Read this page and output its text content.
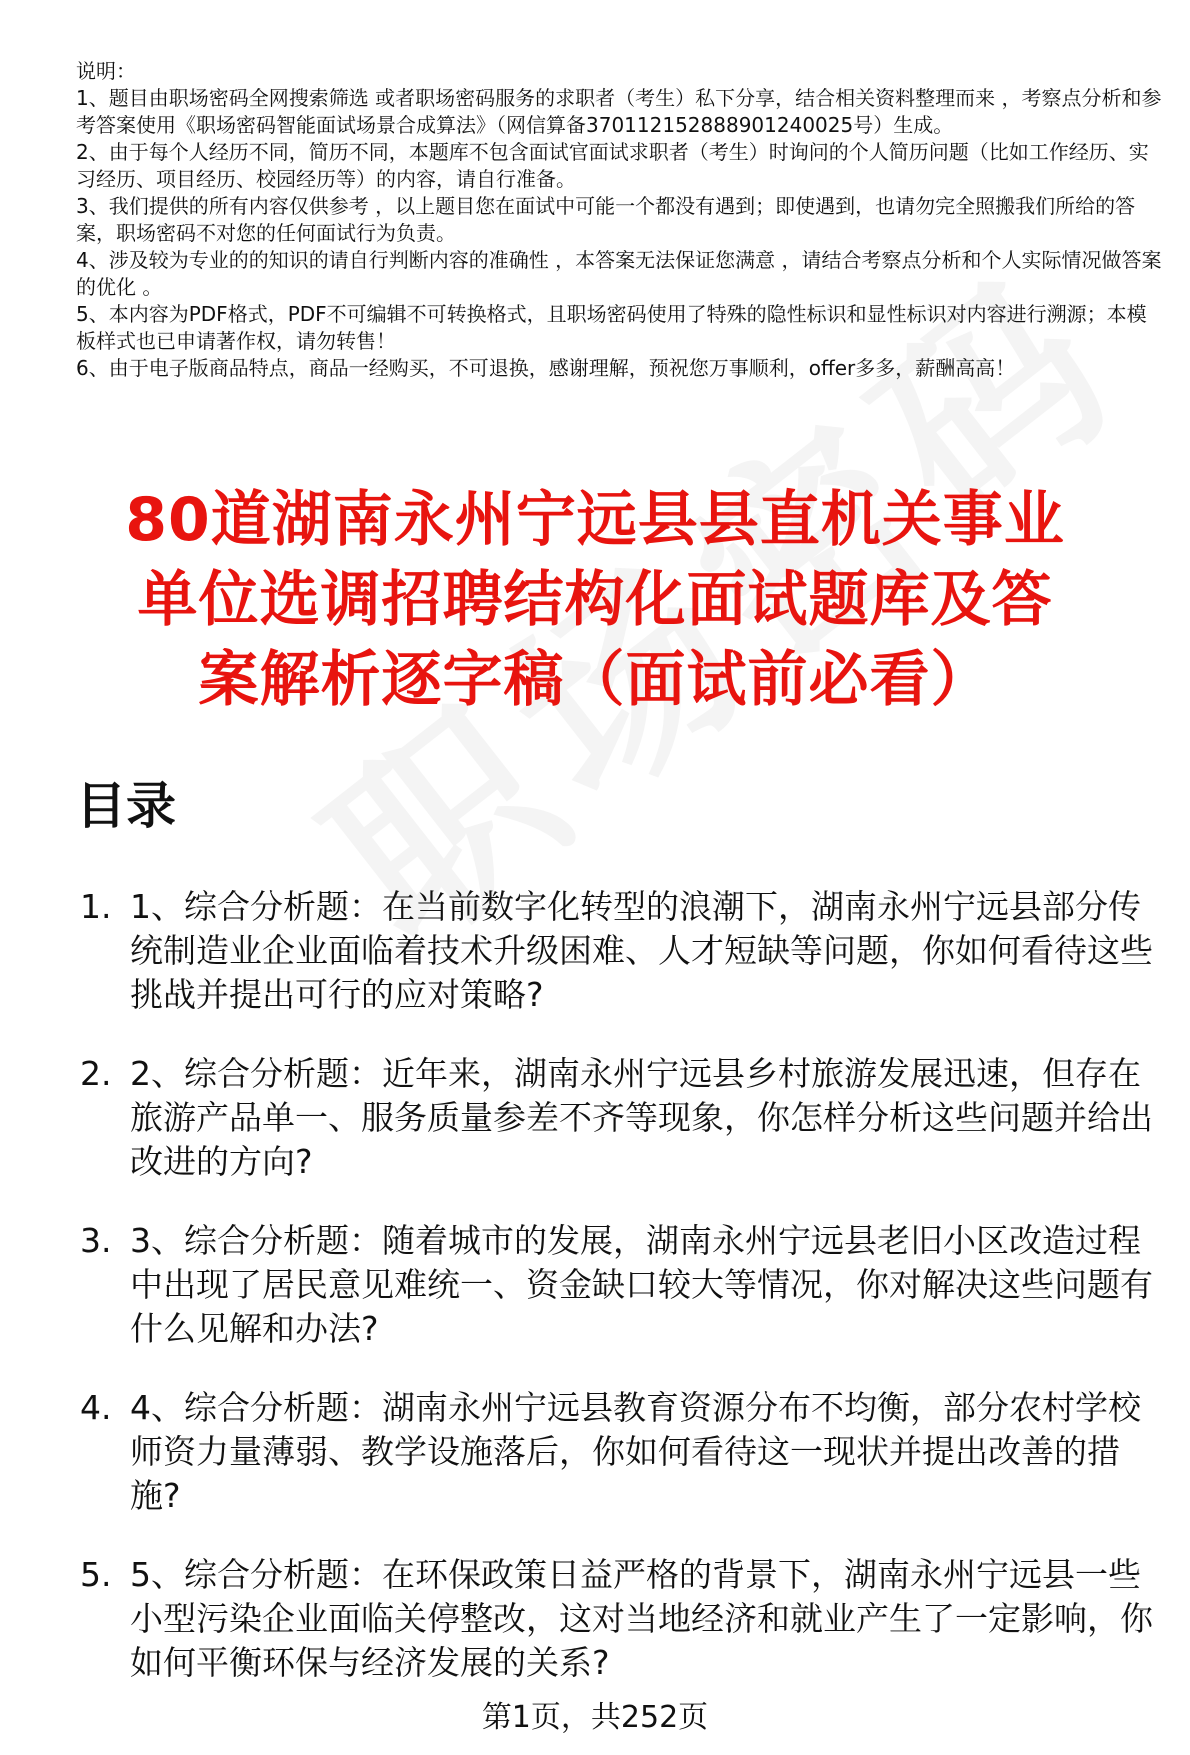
说明：

1、题目由职场密码全网搜索筛选 或者职场密码服务的求职者（考生）私下分享，结合相关资料整理而来 ，考察点分析和参考答案使用《职场密码智能面试场景合成算法》（网信算备370112152888901240025号）生成。

2、由于每个人经历不同，简历不同，本题库不包含面试官面试求职者（考生）时询问的个人简历问题（比如工作经历、实习经历、项目经历、校园经历等）的内容，请自行准备。

3、我们提供的所有内容仅供参考 ，以上题目您在面试中可能一个都没有遇到；即使遇到，也请勿完全照搬我们所给的答案，职场密码不对您的任何面试行为负责。

4、涉及较为专业的的知识的请自行判断内容的准确性 ，本答案无法保证您满意 ，请结合考察点分析和个人实际情况做答案的优化 。

5、本内容为PDF格式，PDF不可编辑不可转换格式，且职场密码使用了特殊的隐性标识和显性标识对内容进行溯源；本模板样式也已申请著作权，请勿转售！

6、由于电子版商品特点，商品一经购买，不可退换，感谢理解，预祝您万事顺利，offer多多，薪酬高高！

80道湖南永州宁远县县直机关事业
单位选调招聘结构化面试题库及答
案解析逐字稿（面试前必看）
目录
1. 1、综合分析题：在当前数字化转型的浪潮下，湖南永州宁远县部分传统制造业企业面临着技术升级困难、人才短缺等问题，你如何看待这些挑战并提出可行的应对策略?
2. 2、综合分析题：近年来，湖南永州宁远县乡村旅游发展迅速，但存在旅游产品单一、服务质量参差不齐等现象，你怎样分析这些问题并给出改进的方向?
3. 3、综合分析题：随着城市的发展，湖南永州宁远县老旧小区改造过程中出现了居民意见难统一、资金缺口较大等情况，你对解决这些问题有什么见解和办法?
4. 4、综合分析题：湖南永州宁远县教育资源分布不均衡，部分农村学校师资力量薄弱、教学设施落后，你如何看待这一现状并提出改善的措施?
5. 5、综合分析题：在环保政策日益严格的背景下，湖南永州宁远县一些小型污染企业面临关停整改，这对当地经济和就业产生了一定影响，你如何平衡环保与经济发展的关系?
第1页，共252页
